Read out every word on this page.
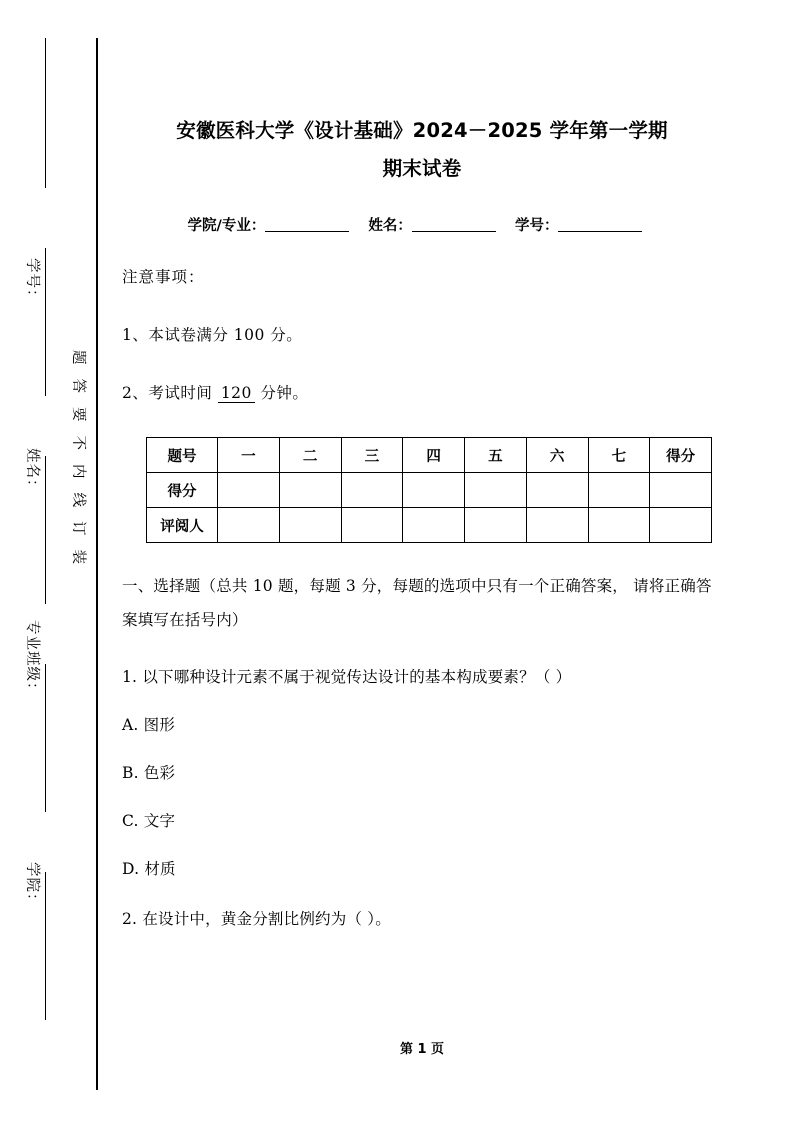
学号：
姓名：
专业班级：
学院：
题答要不内线订装
安徽医科大学《设计基础》2024－2025 学年第一学期
期末试卷
学院/专业：	姓名：	学号：

注意事项：

1、本试卷满分 100 分。

2、考试时间 120 分钟。

题号	一	二	三	四	五	六	七	得分
得分								
评阅人								

一、选择题（总共 10 题，每题 3 分，每题的选项中只有一个正确答案， 请将正确答案填写在括号内）

1. 以下哪种设计元素不属于视觉传达设计的基本构成要素？（ ）

A. 图形

B. 色彩

C. 文字

D. 材质

2. 在设计中，黄金分割比例约为（ ）。

第 1 页
